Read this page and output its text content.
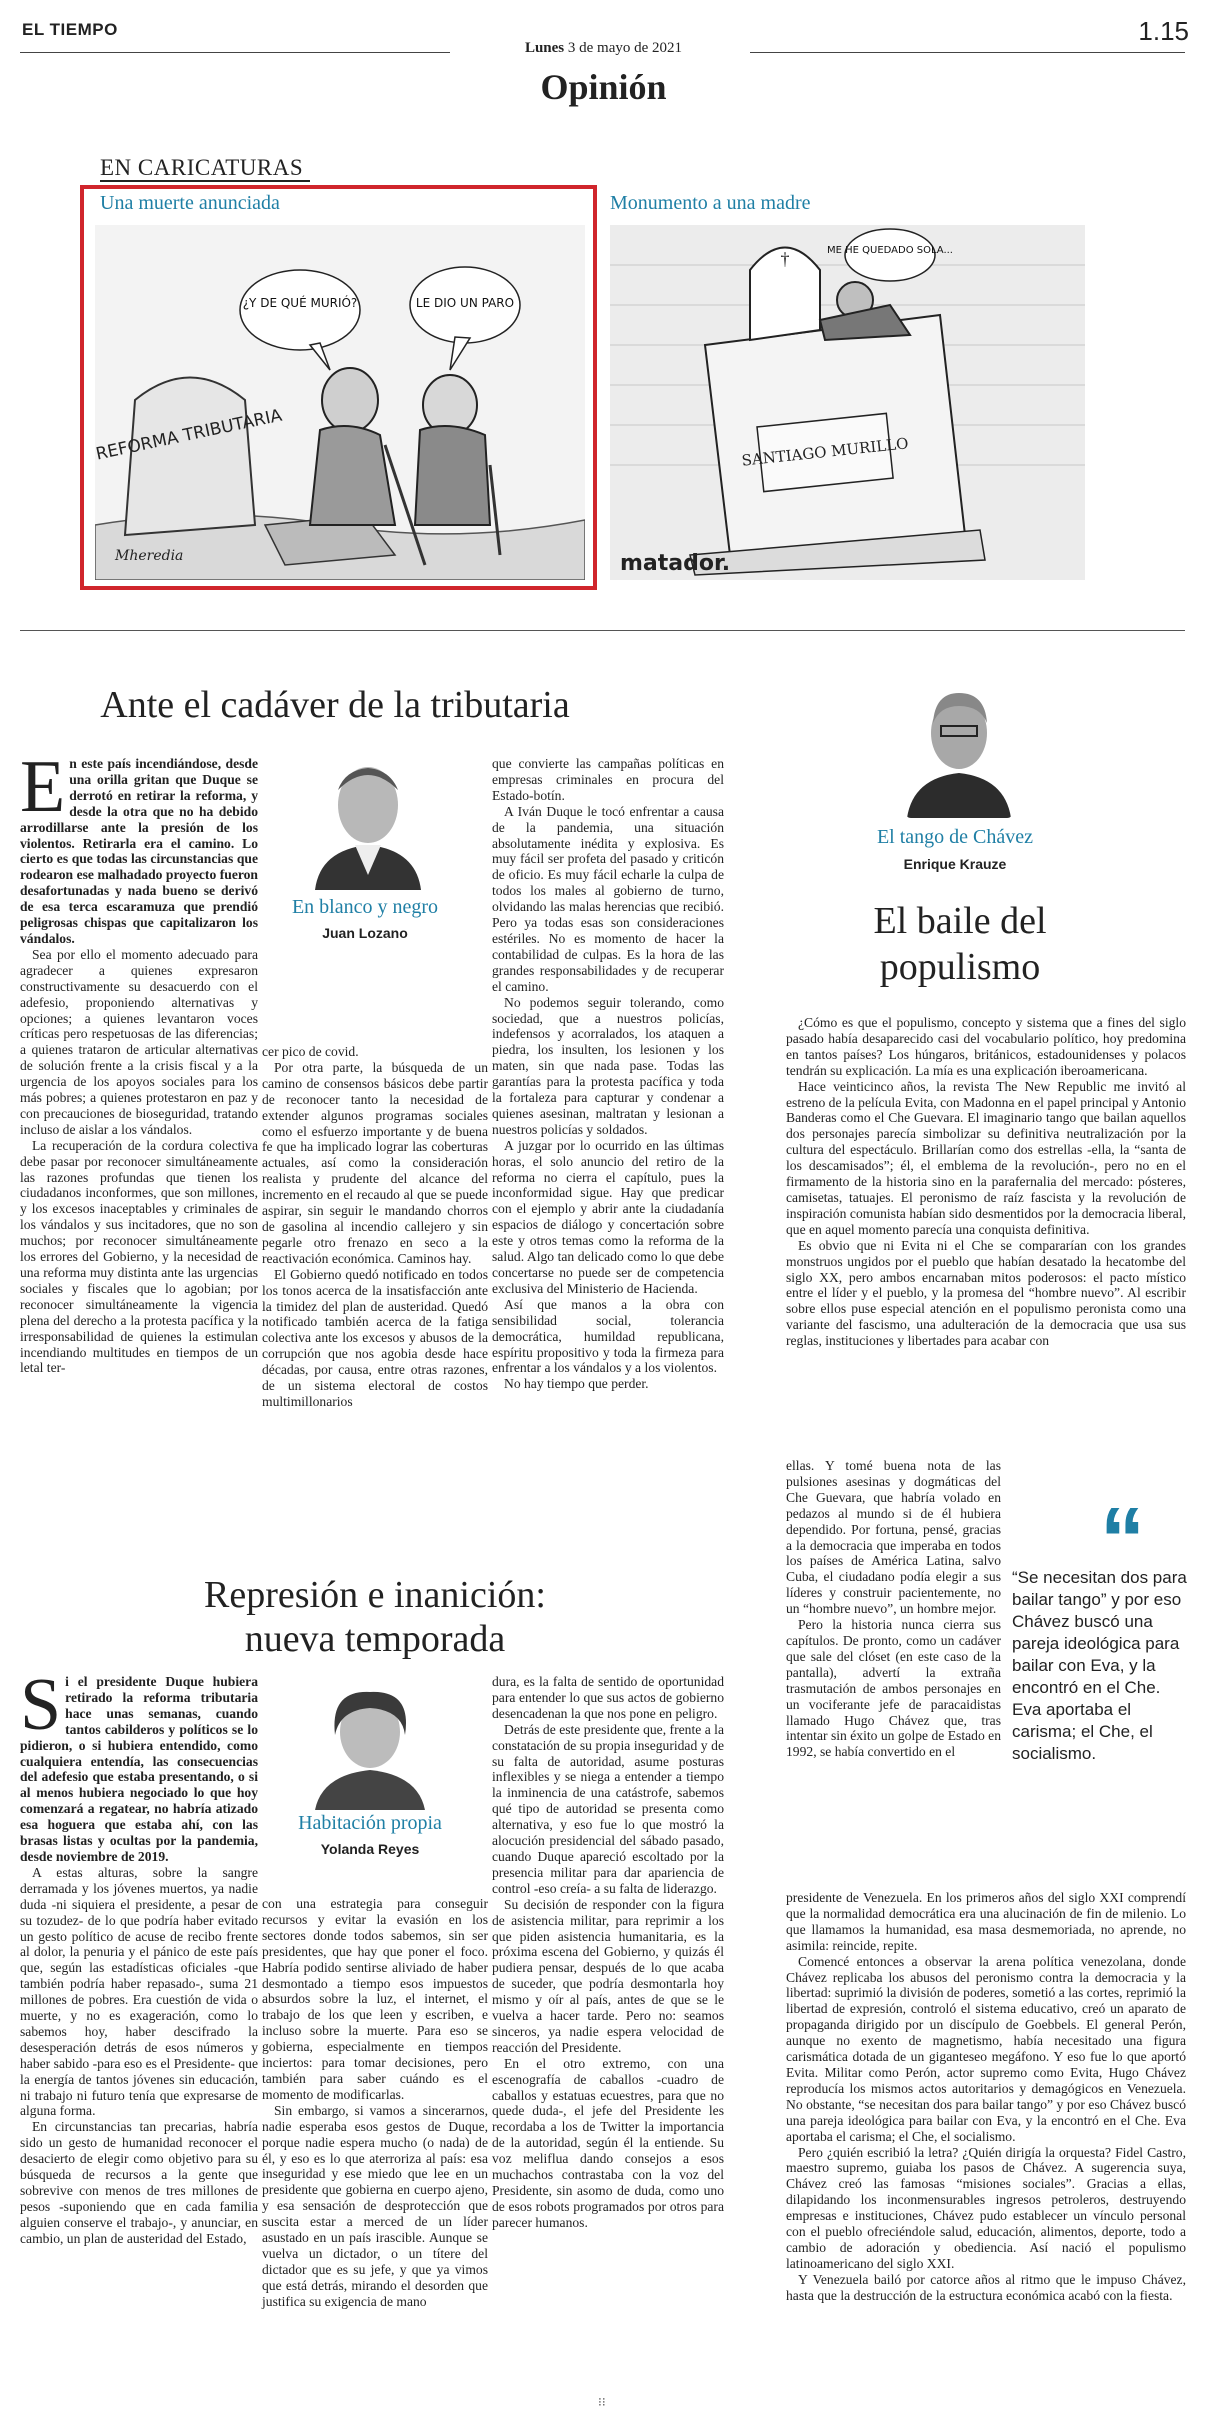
EL TIEMPO	1.15
Lunes 3 de mayo de 2021
Opinión
EN CARICATURAS
Una muerte anunciada	Monumento a una madre
REFORMA TRIBUTARIA
¿Y DE QUÉ MURIÓ?	LE DIO UN PARO
Mheredia
SANTIAGO MURILLO
†	ME HE QUEDADO SOLA...
matador.
Ante el cadáver de la tributaria
En blanco y negro
Juan Lozano
E n este país incendiándose, desde una orilla gritan que Duque se derrotó en retirar la reforma, y desde la otra que no ha debido arrodillarse ante la presión de los violentos. Retirarla era el camino. Lo cierto es que todas las circunstancias que rodearon ese malhadado proyecto fueron desafortunadas y nada bueno se derivó de esa terca escaramuza que prendió peligrosas chispas que capitalizaron los vándalos.

Sea por ello el momento adecuado para agradecer a quienes expresaron constructivamente su desacuerdo con el adefesio, proponiendo alternativas y opciones; a quienes levantaron voces críticas pero respetuosas de las diferencias; a quienes trataron de articular alternativas de solución frente a la crisis fiscal y a la urgencia de los apoyos sociales para los más pobres; a quienes protestaron en paz y con precauciones de bioseguridad, tratando incluso de aislar a los vándalos.

La recuperación de la cordura colectiva debe pasar por reconocer simultáneamente las razones profundas que tienen los ciudadanos inconformes, que son millones, y los excesos inaceptables y criminales de los vándalos y sus incitadores, que no son muchos; por reconocer simultáneamente los errores del Gobierno, y la necesidad de una reforma muy distinta ante las urgencias sociales y fiscales que lo agobian; por reconocer simultáneamente la vigencia plena del derecho a la protesta pacífica y la irresponsabilidad de quienes la estimulan incendiando multitudes en tiempos de un letal ter-

cer pico de covid.

Por otra parte, la búsqueda de un camino de consensos básicos debe partir de reconocer tanto la necesidad de extender algunos programas sociales como el esfuerzo importante y de buena fe que ha implicado lograr las coberturas actuales, así como la consideración realista y prudente del alcance del incremento en el recaudo al que se puede aspirar, sin seguir le mandando chorros de gasolina al incendio callejero y sin pegarle otro frenazo en seco a la reactivación económica. Caminos hay.

El Gobierno quedó notificado en todos los tonos acerca de la insatisfacción ante la timidez del plan de austeridad. Quedó notificado también acerca de la fatiga colectiva ante los excesos y abusos de la corrupción que nos agobia desde hace décadas, por causa, entre otras razones, de un sistema electoral de costos multimillonarios

que convierte las campañas políticas en empresas criminales en procura del Estado-botín.

A Iván Duque le tocó enfrentar a causa de la pandemia, una situación absolutamente inédita y explosiva. Es muy fácil ser profeta del pasado y criticón de oficio. Es muy fácil echarle la culpa de todos los males al gobierno de turno, olvidando las malas herencias que recibió. Pero ya todas esas son consideraciones estériles. No es momento de hacer la contabilidad de culpas. Es la hora de las grandes responsabilidades y de recuperar el camino.

No podemos seguir tolerando, como sociedad, que a nuestros policías, indefensos y acorralados, los ataquen a piedra, los insulten, los lesionen y los maten, sin que nada pase. Todas las garantías para la protesta pacífica y toda la fortaleza para capturar y condenar a quienes asesinan, maltratan y lesionan a nuestros policías y soldados.

A juzgar por lo ocurrido en las últimas horas, el solo anuncio del retiro de la reforma no cierra el capítulo, pues la inconformidad sigue. Hay que predicar con el ejemplo y abrir ante la ciudadanía espacios de diálogo y concertación sobre este y otros temas como la reforma de la salud. Algo tan delicado como lo que debe concertarse no puede ser de competencia exclusiva del Ministerio de Hacienda.

Así que manos a la obra con sensibilidad social, tolerancia democrática, humildad republicana, espíritu propositivo y toda la firmeza para enfrentar a los vándalos y a los violentos.

No hay tiempo que perder.

Represión e inanición:
nueva temporada
Habitación propia
Yolanda Reyes
S i el presidente Duque hubiera retirado la reforma tributaria hace unas semanas, cuando tantos cabilderos y políticos se lo pidieron, o si hubiera entendido, como cualquiera entendía, las consecuencias del adefesio que estaba presentando, o si al menos hubiera negociado lo que hoy comenzará a regatear, no habría atizado esa hoguera que estaba ahí, con las brasas listas y ocultas por la pandemia, desde noviembre de 2019.

A estas alturas, sobre la sangre derramada y los jóvenes muertos, ya nadie duda -ni siquiera el presidente, a pesar de su tozudez- de lo que podría haber evitado un gesto político de acuse de recibo frente al dolor, la penuria y el pánico de este país que, según las estadísticas oficiales -que también podría haber repasado-, suma 21 millones de pobres. Era cuestión de vida o muerte, y no es exageración, como lo sabemos hoy, haber descifrado la desesperación detrás de esos números y haber sabido -para eso es el Presidente- que la energía de tantos jóvenes sin educación, ni trabajo ni futuro tenía que expresarse de alguna forma.

En circunstancias tan precarias, habría sido un gesto de humanidad reconocer el desacierto de elegir como objetivo para su búsqueda de recursos a la gente que sobrevive con menos de tres millones de pesos -suponiendo que en cada familia alguien conserve el trabajo-, y anunciar, en cambio, un plan de austeridad del Estado,

con una estrategia para conseguir recursos y evitar la evasión en los sectores donde todos sabemos, sin ser presidentes, que hay que poner el foco. Habría podido sentirse aliviado de haber desmontado a tiempo esos impuestos absurdos sobre la luz, el internet, el trabajo de los que leen y escriben, e incluso sobre la muerte. Para eso se gobierna, especialmente en tiempos inciertos: para tomar decisiones, pero también para saber cuándo es el momento de modificarlas.

Sin embargo, si vamos a sincerarnos, nadie esperaba esos gestos de Duque, porque nadie espera mucho (o nada) de él, y eso es lo que aterroriza al país: esa inseguridad y ese miedo que lee en un presidente que gobierna en cuerpo ajeno, y esa sensación de desprotección que suscita estar a merced de un líder asustado en un país irascible. Aunque se vuelva un dictador, o un títere del dictador que es su jefe, y que ya vimos que está detrás, mirando el desorden que justifica su exigencia de mano

dura, es la falta de sentido de oportunidad para entender lo que sus actos de gobierno desencadenan la que nos pone en peligro.

Detrás de este presidente que, frente a la constatación de su propia inseguridad y de su falta de autoridad, asume posturas inflexibles y se niega a entender a tiempo la inminencia de una catástrofe, sabemos qué tipo de autoridad se presenta como alternativa, y eso fue lo que mostró la alocución presidencial del sábado pasado, cuando Duque apareció escoltado por la presencia militar para dar apariencia de control -eso creía- a su falta de liderazgo.

Su decisión de responder con la figura de asistencia militar, para reprimir a los que piden asistencia humanitaria, es la próxima escena del Gobierno, y quizás él pudiera pensar, después de lo que acaba de suceder, que podría desmontarla hoy mismo y oír al país, antes de que se le vuelva a hacer tarde. Pero no: seamos sinceros, ya nadie espera velocidad de reacción del Presidente.

En el otro extremo, con una escenografía de caballos -cuadro de caballos y estatuas ecuestres, para que no quede duda-, el jefe del Presidente les recordaba a los de Twitter la importancia de la autoridad, según él la entiende. Su voz meliflua dando consejos a esos muchachos contrastaba con la voz del Presidente, sin asomo de duda, como uno de esos robots programados por otros para parecer humanos.

El tango de Chávez
Enrique Krauze
El baile del
populismo

¿Cómo es que el populismo, concepto y sistema que a fines del siglo pasado había desaparecido casi del vocabulario político, hoy predomina en tantos países? Los húngaros, británicos, estadounidenses y polacos tendrán su explicación. La mía es una explicación iberoamericana.

Hace veinticinco años, la revista The New Republic me invitó al estreno de la película Evita, con Madonna en el papel principal y Antonio Banderas como el Che Guevara. El imaginario tango que bailan aquellos dos personajes parecía simbolizar su definitiva neutralización por la cultura del espectáculo. Brillarían como dos estrellas -ella, la “santa de los descamisados”; él, el emblema de la revolución-, pero no en el firmamento de la historia sino en la parafernalia del mercado: pósteres, camisetas, tatuajes. El peronismo de raíz fascista y la revolución de inspiración comunista habían sido desmentidos por la democracia liberal, que en aquel momento parecía una conquista definitiva.

Es obvio que ni Evita ni el Che se compararían con los grandes monstruos ungidos por el pueblo que habían desatado la hecatombe del siglo XX, pero ambos encarnaban mitos poderosos: el pacto místico entre el líder y el pueblo, y la promesa del “hombre nuevo”. Al escribir sobre ellos puse especial atención en el populismo peronista como una variante del fascismo, una adulteración de la democracia que usa sus reglas, instituciones y libertades para acabar con

ellas. Y tomé buena nota de las pulsiones asesinas y dogmáticas del Che Guevara, que habría volado en pedazos al mundo si de él hubiera dependido. Por fortuna, pensé, gracias a la democracia que imperaba en todos los países de América Latina, salvo Cuba, el ciudadano podía elegir a sus líderes y construir pacientemente, no un “hombre nuevo”, un hombre mejor.

Pero la historia nunca cierra sus capítulos. De pronto, como un cadáver que sale del clóset (en este caso de la pantalla), advertí la extraña trasmutación de ambos personajes en un vociferante jefe de paracaidistas llamado Hugo Chávez que, tras intentar sin éxito un golpe de Estado en 1992, se había convertido en el

presidente de Venezuela. En los primeros años del siglo XXI comprendí que la normalidad democrática era una alucinación de fin de milenio. Lo que llamamos la humanidad, esa masa desmemoriada, no aprende, no asimila: reincide, repite.

Comencé entonces a observar la arena política venezolana, donde Chávez replicaba los abusos del peronismo contra la democracia y la libertad: suprimió la división de poderes, sometió a las cortes, reprimió la libertad de expresión, controló el sistema educativo, creó un aparato de propaganda dirigido por un discípulo de Goebbels. El general Perón, aunque no exento de magnetismo, había necesitado una figura carismática dotada de un giganteseo megáfono. Y eso fue lo que aportó Evita. Militar como Perón, actor supremo como Evita, Hugo Chávez reproducía los mismos actos autoritarios y demagógicos en Venezuela. No obstante, “se necesitan dos para bailar tango” y por eso Chávez buscó una pareja ideológica para bailar con Eva, y la encontró en el Che. Eva aportaba el carisma; el Che, el socialismo.

Pero ¿quién escribió la letra? ¿Quién dirigía la orquesta? Fidel Castro, maestro supremo, guiaba los pasos de Chávez. A sugerencia suya, Chávez creó las famosas “misiones sociales”. Gracias a ellas, dilapidando los inconmensurables ingresos petroleros, destruyendo empresas e instituciones, Chávez pudo establecer un vínculo personal con el pueblo ofreciéndole salud, educación, alimentos, deporte, todo a cambio de adoración y obediencia. Así nació el populismo latinoamericano del siglo XXI.

Y Venezuela bailó por catorce años al ritmo que le impuso Chávez, hasta que la destrucción de la estructura económica acabó con la fiesta.

“
“Se necesitan dos para bailar tango” y por eso Chávez buscó una pareja ideológica para bailar con Eva, y la encontró en el Che. Eva aportaba el carisma; el Che, el socialismo.
⁝⁝
